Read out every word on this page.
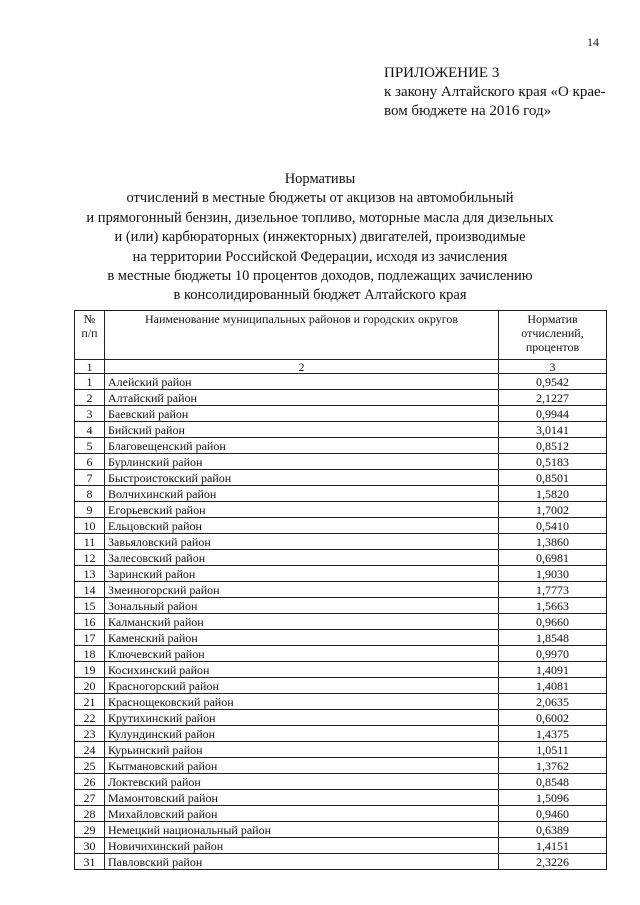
14
ПРИЛОЖЕНИЕ 3
к закону Алтайского края «О крае-
вом бюджете на 2016 год»
Нормативы
отчислений в местные бюджеты от акцизов на автомобильный
и прямогонный бензин, дизельное топливо, моторные масла для дизельных
и (или) карбюраторных (инжекторных) двигателей, производимые
на территории Российской Федерации, исходя из зачисления
в местные бюджеты 10 процентов доходов, подлежащих зачислению
в консолидированный бюджет Алтайского края
№ п/п	Наименование муниципальных районов и городских округов	Норматив отчислений, процентов
1	2	3
1	Алейский район	0,9542
2	Алтайский район	2,1227
3	Баевский район	0,9944
4	Бийский район	3,0141
5	Благовещенский район	0,8512
6	Бурлинский район	0,5183
7	Быстроистокский район	0,8501
8	Волчихинский район	1,5820
9	Егорьевский район	1,7002
10	Ельцовский район	0,5410
11	Завьяловский район	1,3860
12	Залесовский район	0,6981
13	Заринский район	1,9030
14	Змеиногорский район	1,7773
15	Зональный район	1,5663
16	Калманский район	0,9660
17	Каменский район	1,8548
18	Ключевский район	0,9970
19	Косихинский район	1,4091
20	Красногорский район	1,4081
21	Краснощековский район	2,0635
22	Крутихинский район	0,6002
23	Кулундинский район	1,4375
24	Курьинский район	1,0511
25	Кытмановский район	1,3762
26	Локтевский район	0,8548
27	Мамонтовский район	1,5096
28	Михайловский район	0,9460
29	Немецкий национальный район	0,6389
30	Новичихинский район	1,4151
31	Павловский район	2,3226
